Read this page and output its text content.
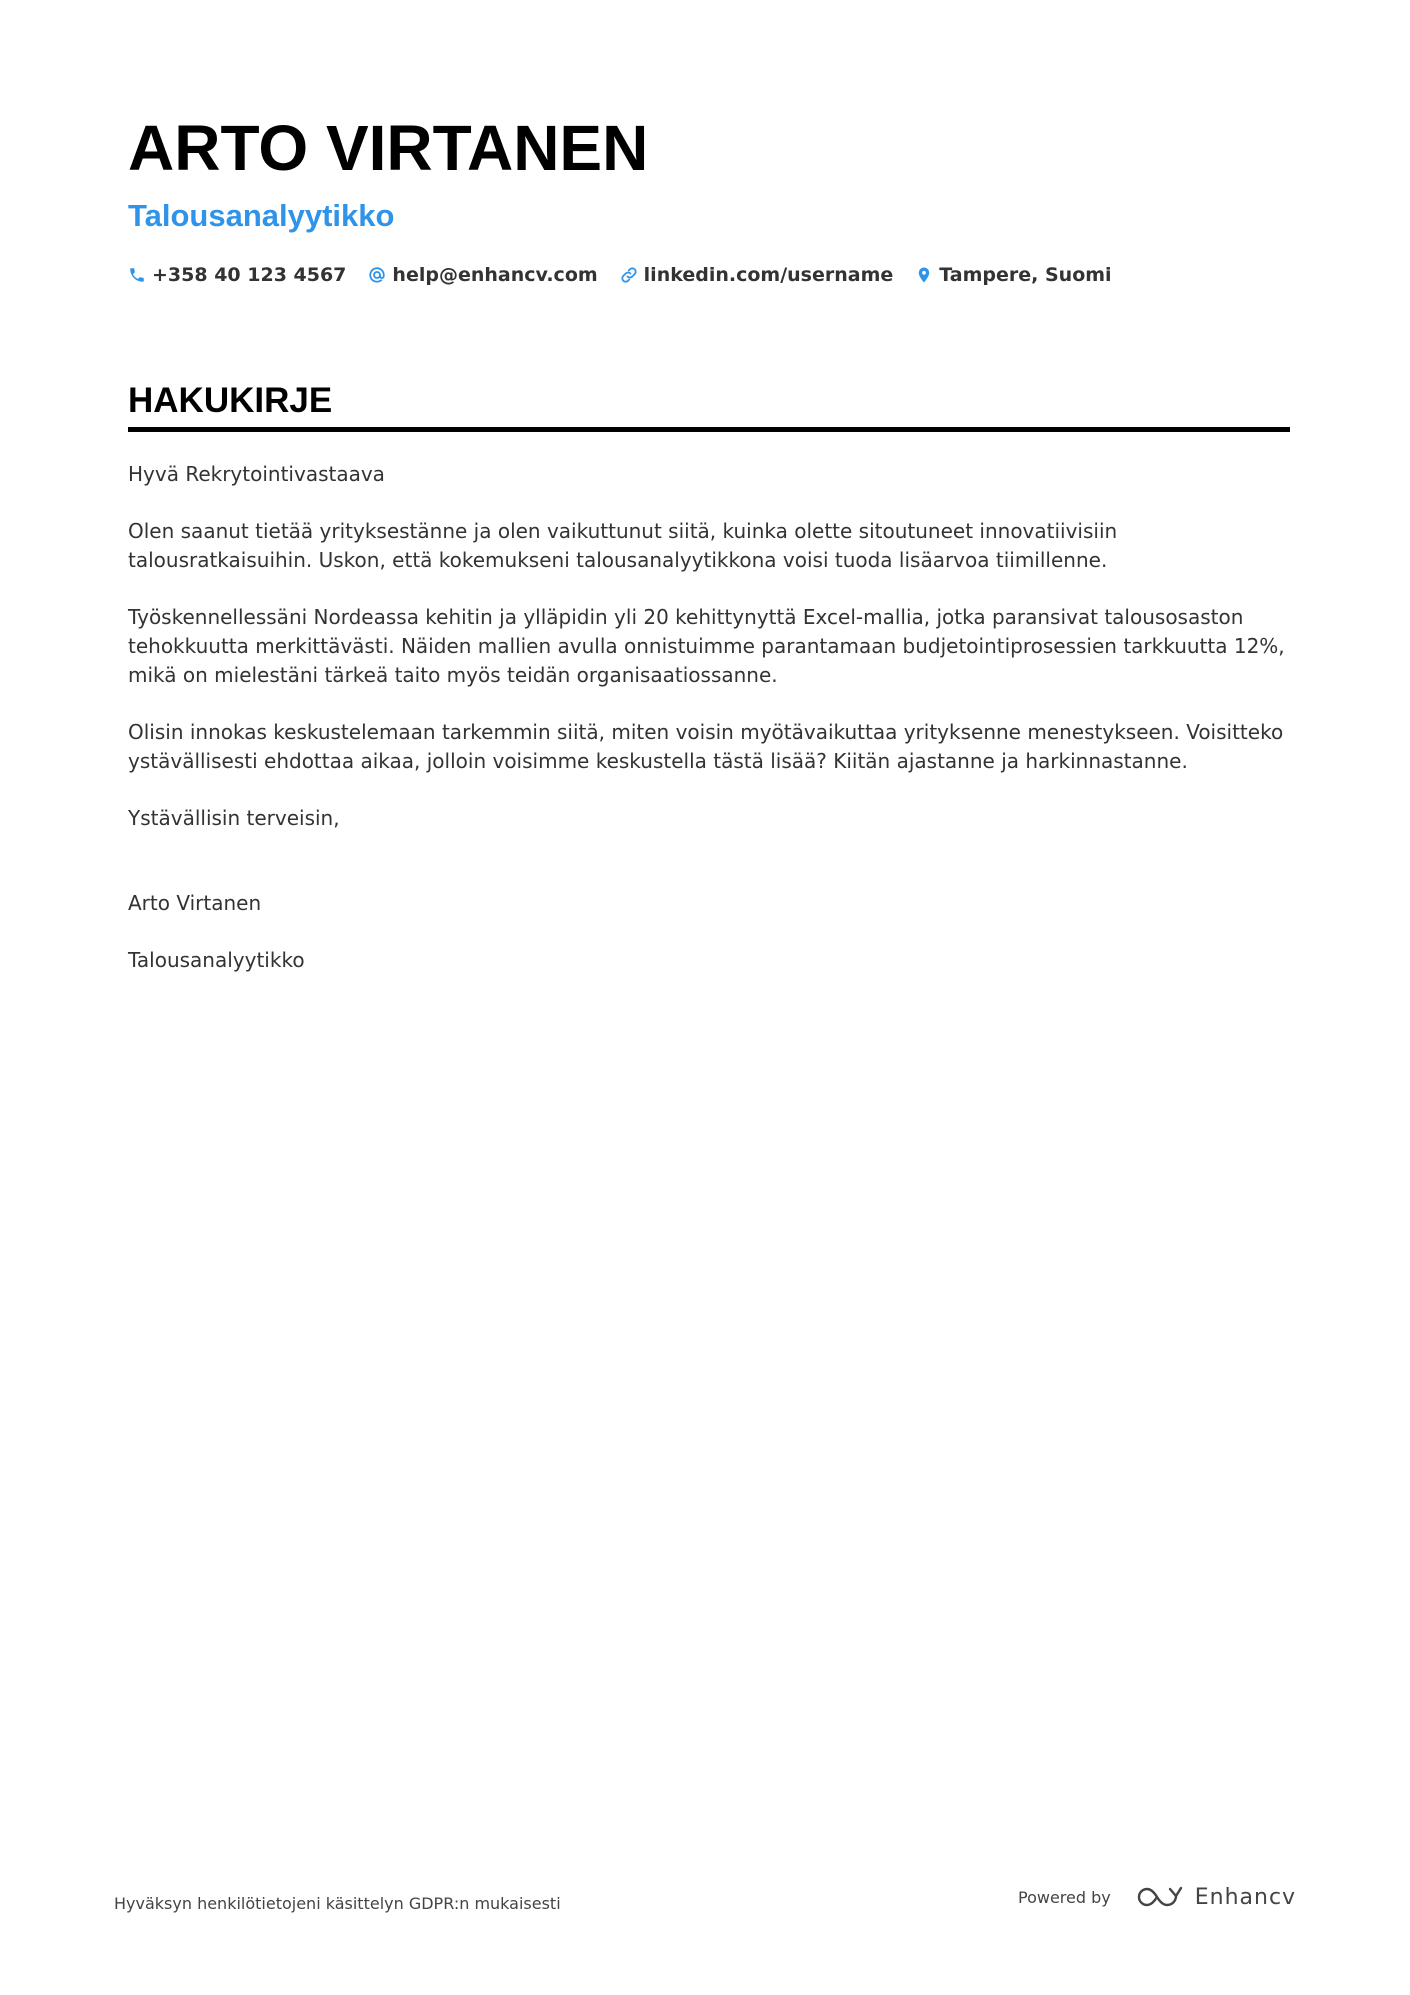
ARTO VIRTANEN
Talousanalyytikko
+358 40 123 4567 help@enhancv.com linkedin.com/username Tampere, Suomi
HAKUKIRJE

Hyvä Rekrytointivastaava

Olen saanut tietää yrityksestänne ja olen vaikuttunut siitä, kuinka olette sitoutuneet innovatiivisiin talousratkaisuihin. Uskon, että kokemukseni talousanalyytikkona voisi tuoda lisäarvoa tiimillenne.

Työskennellessäni Nordeassa kehitin ja ylläpidin yli 20 kehittynyttä Excel-mallia, jotka paransivat talousosaston tehokkuutta merkittävästi. Näiden mallien avulla onnistuimme parantamaan budjetointiprosessien tarkkuutta 12%, mikä on mielestäni tärkeä taito myös teidän organisaatiossanne.

Olisin innokas keskustelemaan tarkemmin siitä, miten voisin myötävaikuttaa yrityksenne menestykseen. Voisitteko ystävällisesti ehdottaa aikaa, jolloin voisimme keskustella tästä lisää? Kiitän ajastanne ja harkinnastanne.

Ystävällisin terveisin,

Arto Virtanen

Talousanalyytikko

Hyväksyn henkilötietojeni käsittelyn GDPR:n mukaisesti	Powered by	Enhancv
